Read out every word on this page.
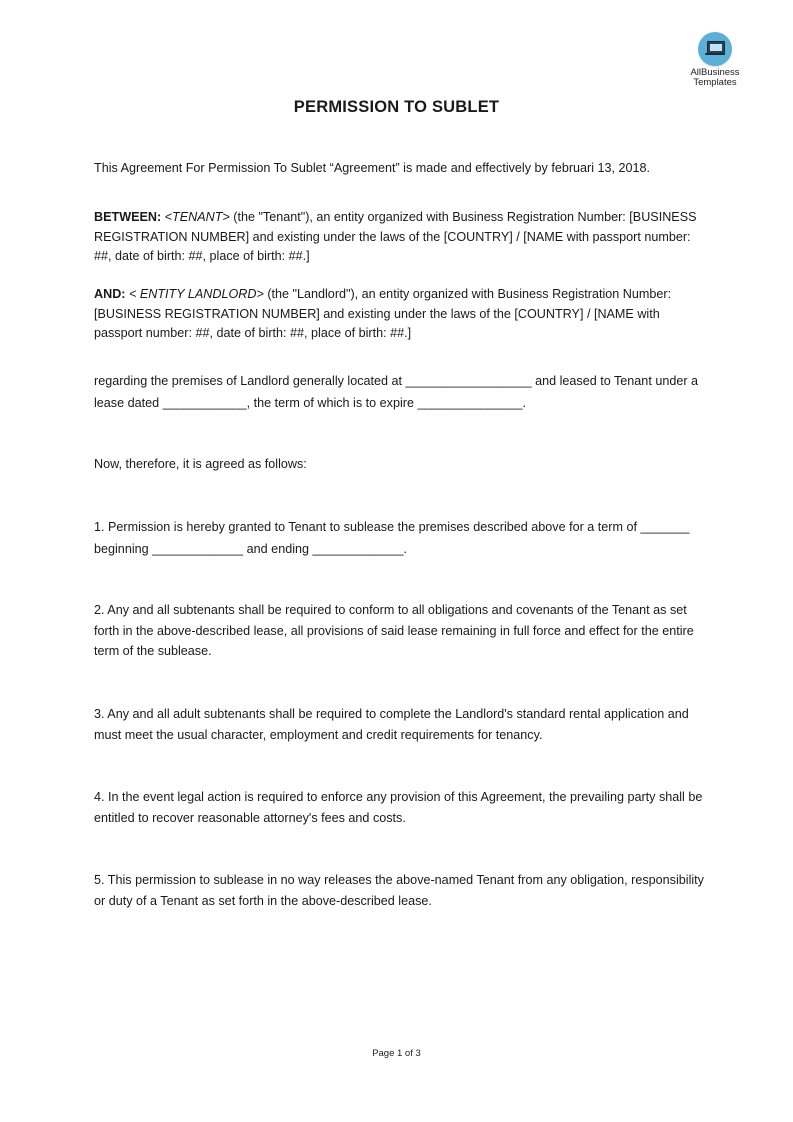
AllBusiness
Templates
PERMISSION TO SUBLET

This Agreement For Permission To Sublet “Agreement” is made and effectively by februari 13, 2018.

BETWEEN: <TENANT> (the "Tenant"), an entity organized with Business Registration Number: [BUSINESS REGISTRATION NUMBER] and existing under the laws of the [COUNTRY] / [NAME with passport number: ##, date of birth: ##, place of birth: ##.]

AND: < ENTITY LANDLORD> (the "Landlord"), an entity organized with Business Registration Number: [BUSINESS REGISTRATION NUMBER] and existing under the laws of the [COUNTRY] / [NAME with passport number: ##, date of birth: ##, place of birth: ##.]

regarding the premises of Landlord generally located at __________________ and leased to Tenant under a lease dated ____________, the term of which is to expire _______________.

Now, therefore, it is agreed as follows:

1. Permission is hereby granted to Tenant to sublease the premises described above for a term of _______ beginning _____________ and ending _____________.

2. Any and all subtenants shall be required to conform to all obligations and covenants of the Tenant as set forth in the above-described lease, all provisions of said lease remaining in full force and effect for the entire term of the sublease.

3. Any and all adult subtenants shall be required to complete the Landlord's standard rental application and must meet the usual character, employment and credit requirements for tenancy.

4. In the event legal action is required to enforce any provision of this Agreement, the prevailing party shall be entitled to recover reasonable attorney's fees and costs.

5. This permission to sublease in no way releases the above-named Tenant from any obligation, responsibility or duty of a Tenant as set forth in the above-described lease.

Page 1 of 3
